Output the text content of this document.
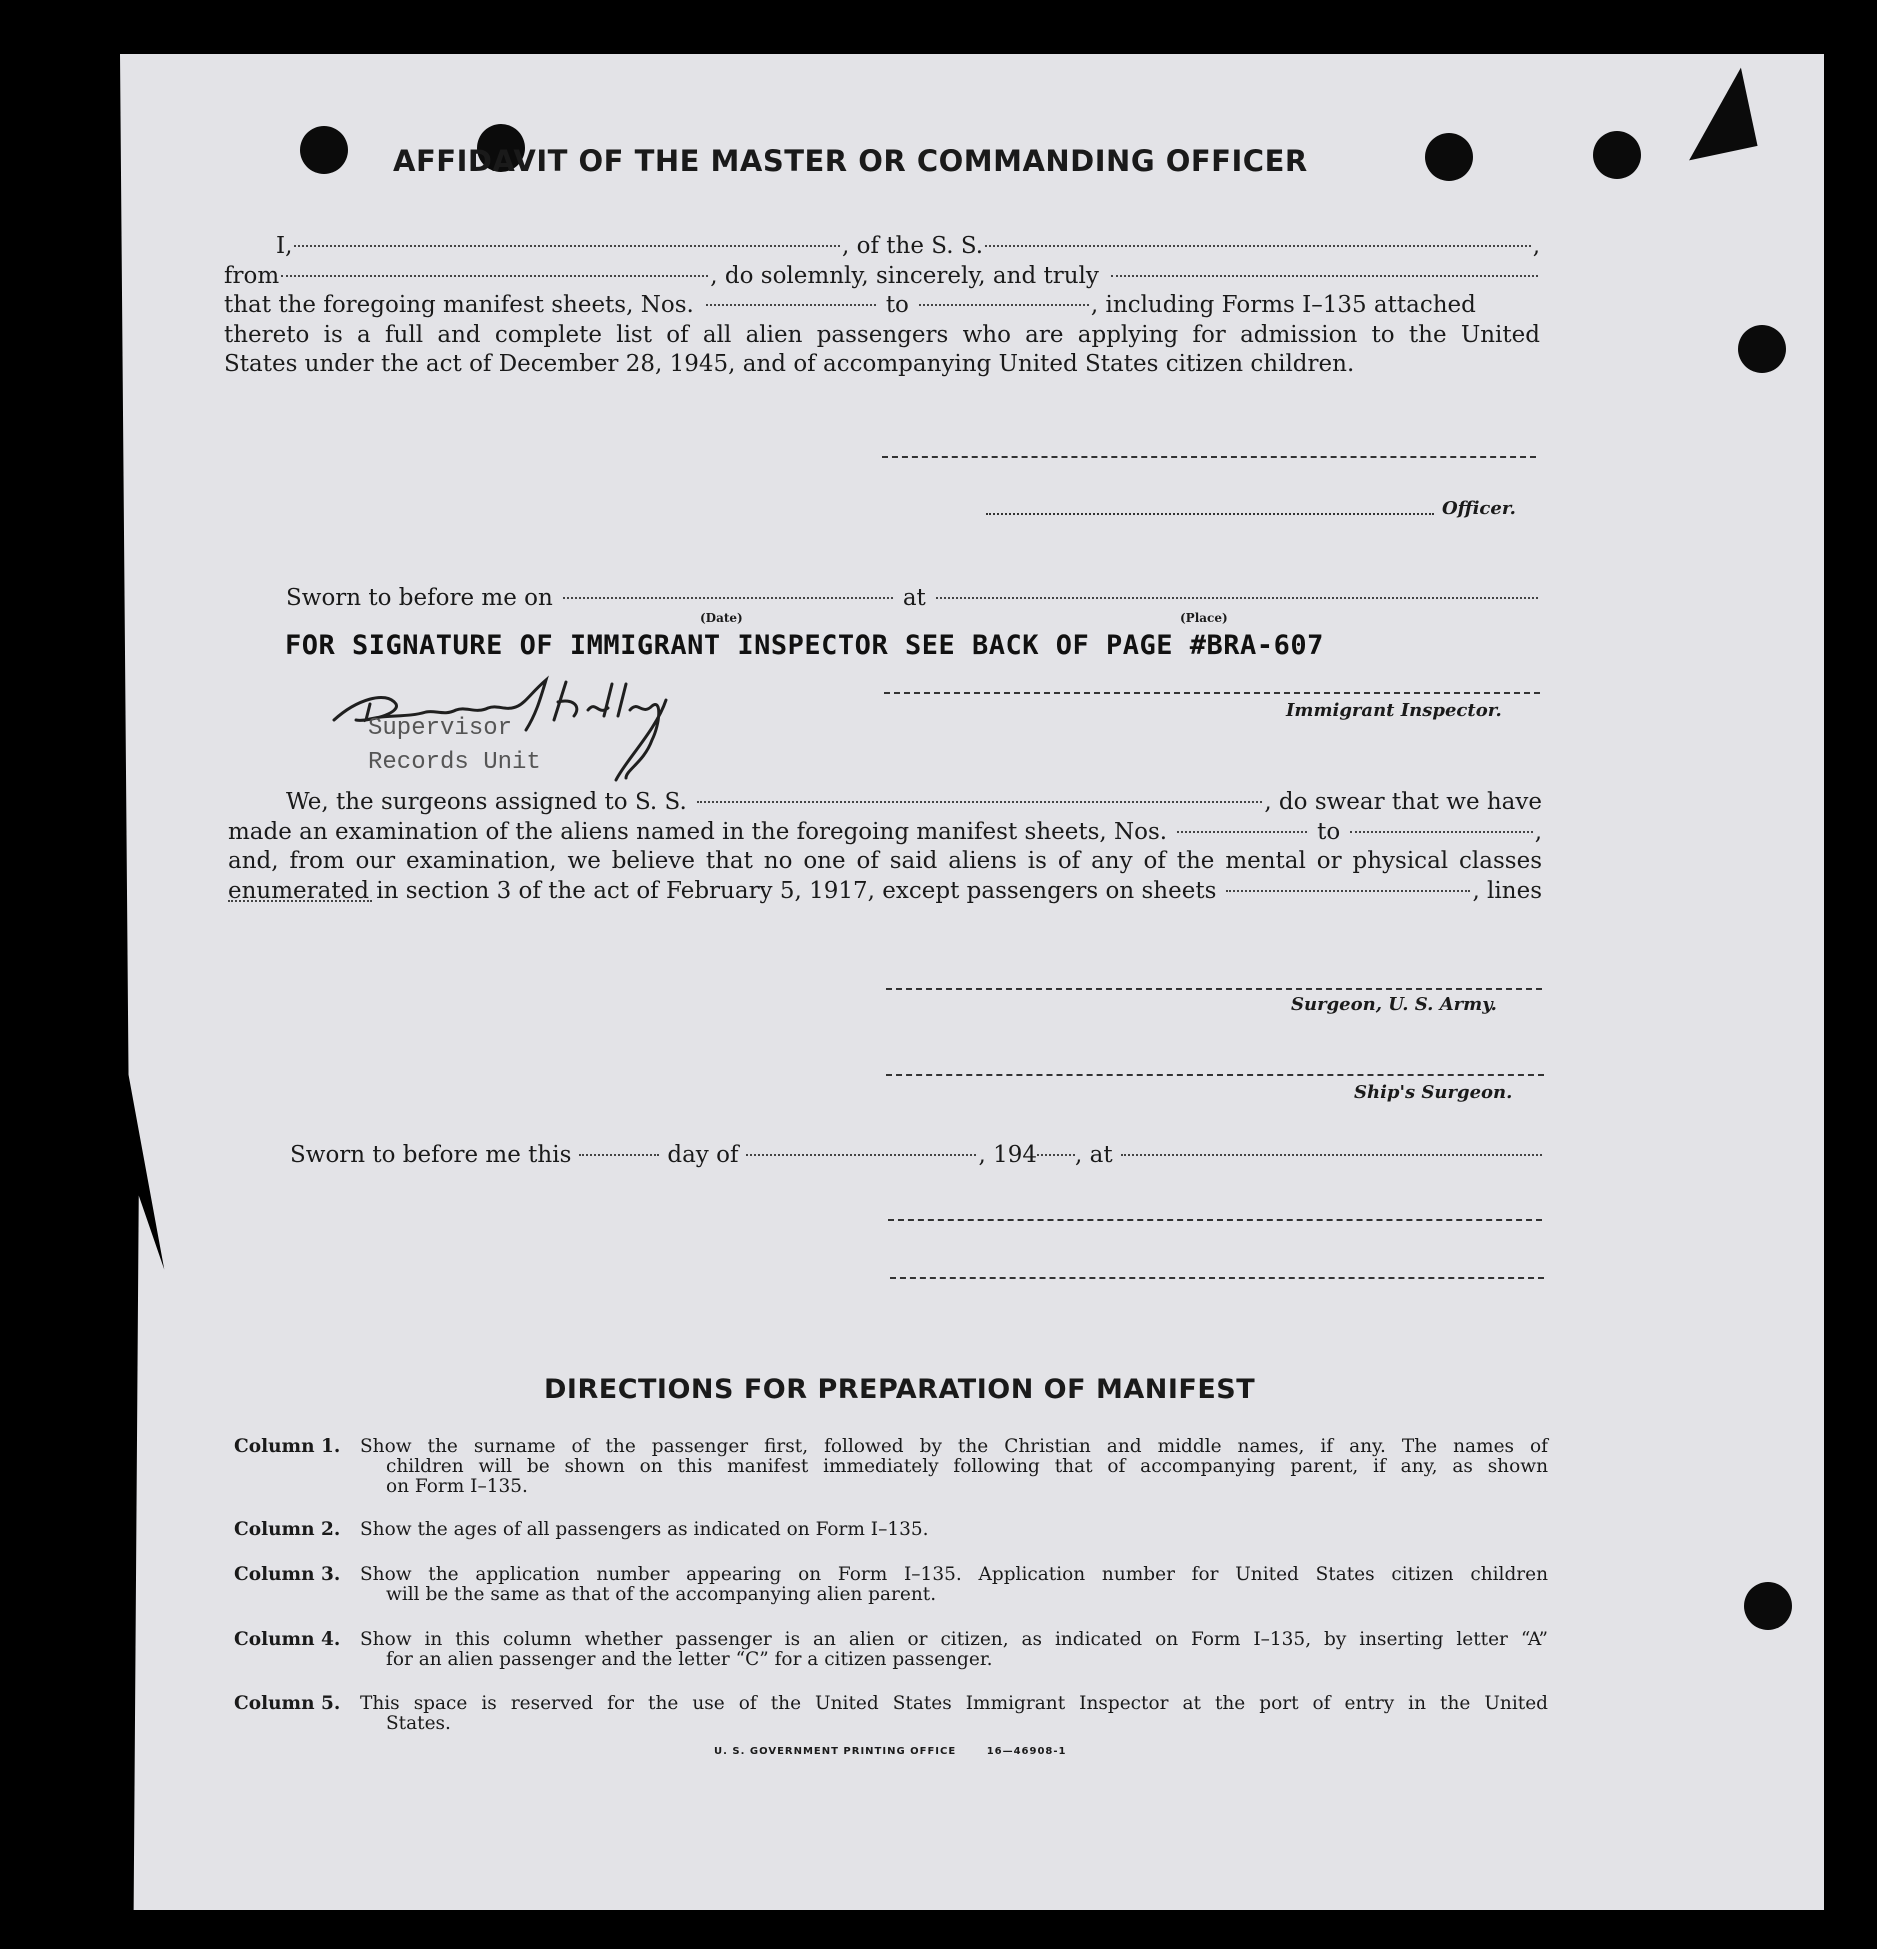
AFFIDAVIT OF THE MASTER OR COMMANDING OFFICER
I,	, of the S. S.	,
from	, do solemnly, sincerely, and truly
that the foregoing manifest sheets, Nos.	to	, including Forms I–135 attached
thereto is a full and complete list of all alien passengers who are applying for admission to the United
States under the act of December 28, 1945, and of accompanying United States citizen children.
Officer.
Sworn to before me on	at
(Date)	(Place)
FOR SIGNATURE OF IMMIGRANT INSPECTOR SEE BACK OF PAGE #BRA-607
Immigrant Inspector.
Supervisor
Records Unit
We, the surgeons assigned to S. S.	, do swear that we have
made an examination of the aliens named in the foregoing manifest sheets, Nos.	to	,
and, from our examination, we believe that no one of said aliens is of any of the mental or physical classes
enumerated in section 3 of the act of February 5, 1917, except passengers on sheets	, lines
Surgeon, U. S. Army.
Ship's Surgeon.
Sworn to before me this	day of	, 194 , at
DIRECTIONS FOR PREPARATION OF MANIFEST
Column 1.	Show the surname of the passenger first, followed by the Christian and middle names, if any. The names of
children will be shown on this manifest immediately following that of accompanying parent, if any, as shown
on Form I–135.
Column 2.	Show the ages of all passengers as indicated on Form I–135.
Column 3.	Show the application number appearing on Form I–135. Application number for United States citizen children
will be the same as that of the accompanying alien parent.
Column 4.	Show in this column whether passenger is an alien or citizen, as indicated on Form I–135, by inserting letter “A”
for an alien passenger and the letter “C” for a citizen passenger.
Column 5.	This space is reserved for the use of the United States Immigrant Inspector at the port of entry in the United
States.
U. S. GOVERNMENT PRINTING OFFICE	16—46908-1
